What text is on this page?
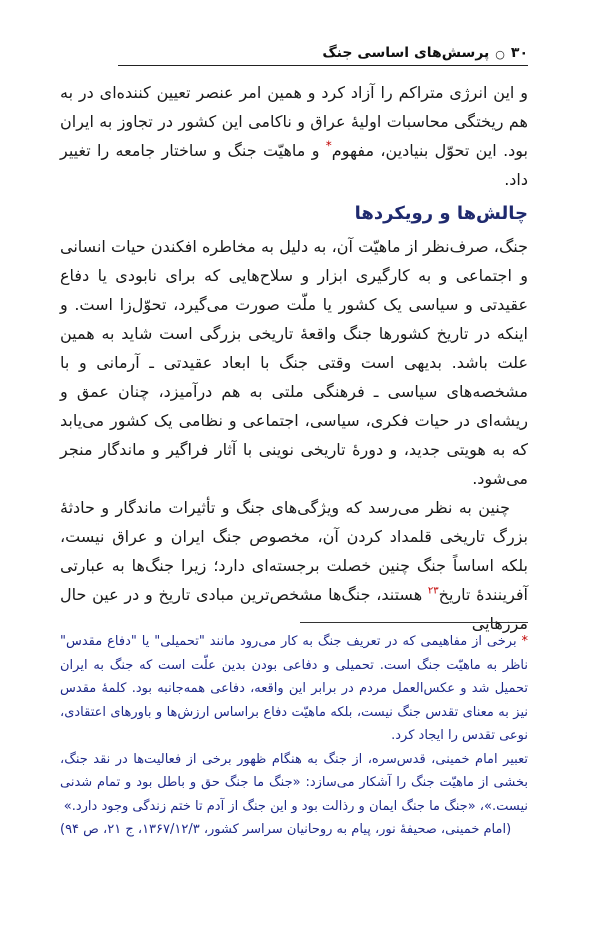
۳۰
○
پرسش‌های اساسی جنگ

و این انرژی متراکم را آزاد کرد و همین امر عنصر تعیین کننده‌ای در به هم ریختگی محاسبات اولیهٔ عراق و ناکامی این کشور در تجاوز به ایران بود. این تحوّل بنیادین، مفهوم* و ماهیّت جنگ و ساختار جامعه را تغییر داد.

چالش‌ها و رویکردها

جنگ، صرف‌نظر از ماهیّت آن، به دلیل به مخاطره افکندن حیات انسانی و اجتماعی و به کارگیری ابزار و سلاح‌هایی که برای نابودی یا دفاع عقیدتی و سیاسی یک کشور یا ملّت صورت می‌گیرد، تحوّل‌زا است. و اینکه در تاریخ کشورها جنگ واقعهٔ تاریخی بزرگی است شاید به همین علت باشد. بدیهی است وقتی جنگ با ابعاد عقیدتی ـ آرمانی و با مشخصه‌های سیاسی ـ فرهنگی ملتی به هم درآمیزد، چنان عمق و ریشه‌ای در حیات فکری، سیاسی، اجتماعی و نظامی یک کشور می‌یابد که به هویتی جدید، و دورهٔ تاریخی نوینی با آثار فراگیر و ماندگار منجر می‌شود.

چنین به نظر می‌رسد که ویژگی‌های جنگ و تأثیرات ماندگار و حادثهٔ بزرگ تاریخی قلمداد کردن آن، مخصوص جنگ ایران و عراق نیست، بلکه اساساً جنگ چنین خصلت برجسته‌ای دارد؛ زیرا جنگ‌ها به عبارتی آفرینندهٔ تاریخ$^{۲۳}$ هستند، جنگ‌ها مشخص‌ترین مبادی تاریخ و در عین حال مرزهایی

* برخی از مفاهیمی که در تعریف جنگ به کار می‌رود مانند "تحمیلی" یا "دفاع مقدس" ناظر به ماهیّت جنگ است. تحمیلی و دفاعی بودن بدین علّت است که جنگ به ایران تحمیل شد و عکس‌العمل مردم در برابر این واقعه، دفاعی همه‌جانبه بود. کلمهٔ مقدس نیز به معنای تقدس جنگ نیست، بلکه ماهیّت دفاع براساس ارزش‌ها و باورهای اعتقادی، نوعی تقدس را ایجاد کرد.

تعبیر امام خمینی، قدس‌سره، از جنگ به هنگام ظهور برخی از فعالیت‌ها در نقد جنگ، بخشی از ماهیّت جنگ را آشکار می‌سازد: «جنگ ما جنگ حق و باطل بود و تمام شدنی نیست.»، «جنگ ما جنگ ایمان و رذالت بود و این جنگ از آدم تا ختم زندگی وجود دارد.»

(امام خمینی، صحیفهٔ نور، پیام به روحانیان سراسر کشور، ۱۳۶۷/۱۲/۳، ج ۲۱، ص ۹۴)
